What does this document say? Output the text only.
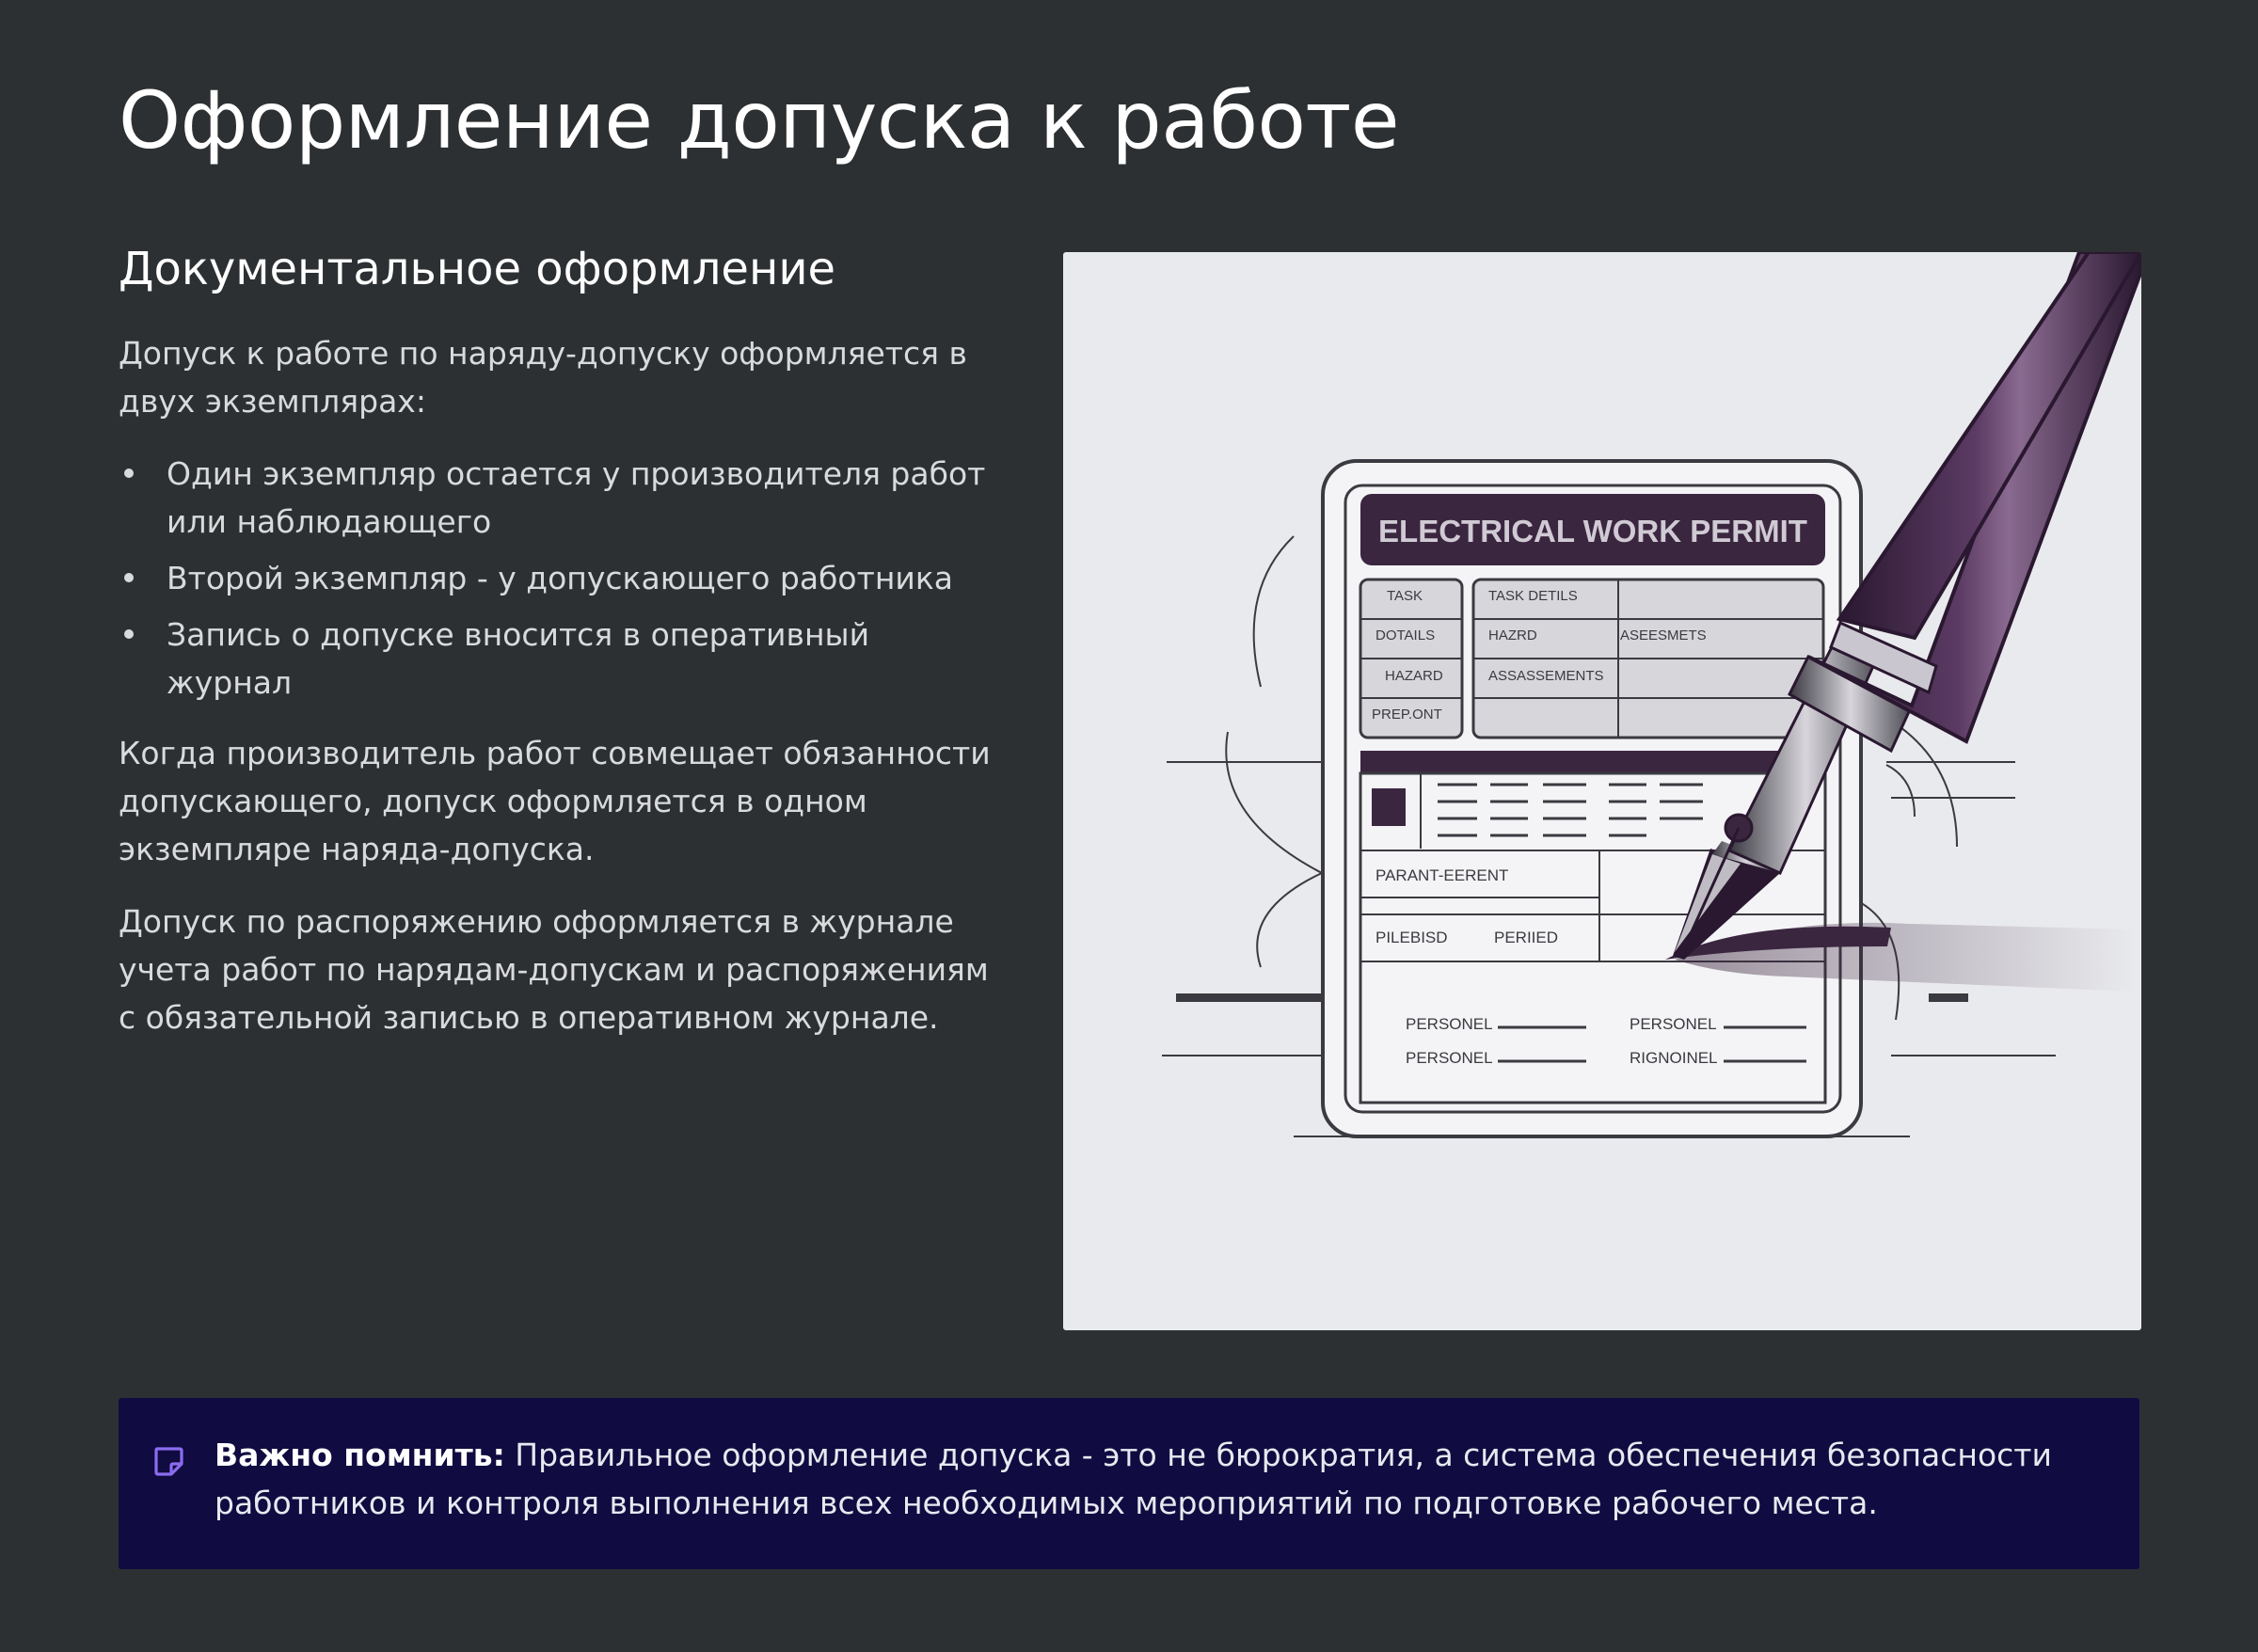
Оформление допуска к работе
Документальное оформление

Допуск к работе по наряду-допуску оформляется в двух экземплярах:

Один экземпляр остается у производителя работ или наблюдающего
Второй экземпляр - у допускающего работника
Запись о допуске вносится в оперативный журнал

Когда производитель работ совмещает обязанности допускающего, допуск оформляется в одном экземпляре наряда-допуска.

Допуск по распоряжению оформляется в журнале учета работ по нарядам-допускам и распоряжениям с обязательной записью в оперативном журнале.

ELECTRICAL WORK PERMIT
TASK
DOTAILS
HAZARD
PREP.ONT
TASK DETILS
HAZRD
ASSASSEMENTS
ASEESMETS
PARANT-EERENT
PILEBISD	PERIIED
PERSONEL
PERSONEL
PERSONEL
RIGNOINEL

Важно помнить: Правильное оформление допуска - это не бюрократия, а система обеспечения безопасности работников и контроля выполнения всех необходимых мероприятий по подготовке рабочего места.
